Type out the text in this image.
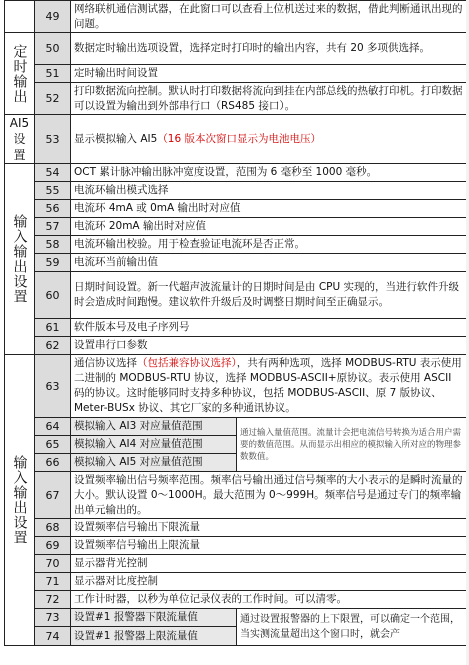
	49	网络联机通信测试器，在此窗口可以查看上位机送过来的数据，借此判断通讯出现的问题。	
定时输出	50	数据定时输出选项设置，选择定时打印时的输出内容，共有 20 多项供选择。	
	51	定时输出时间设置	
	52	打印数据流向控制。默认时打印数据将流向到挂在内部总线的热敏打印机。打印数据可以设置为输出到外部串行口（RS485 接口）。	
AI5 设置	53	显示模拟输入 AI5（16 版本次窗口显示为电池电压）	
输入输出设置	54	OCT 累计脉冲输出脉冲宽度设置，范围为 6 毫秒至 1000 毫秒。	
	55	电流环输出模式选择	
	56	电流环 4mA 或 0mA 输出时对应值	
	57	电流环 20mA 输出时对应值	
	58	电流环输出校验。用于检查验证电流环是否正常。	
	59	电流环当前输出值	
	60	日期时间设置。新一代超声波流量计的日期时间是由 CPU 实现的，当进行软件升级时会造成时间跑慢。建议软件升级后及时调整日期时间至正确显示。	
	61	软件版本号及电子序列号	
	62	设置串行口参数	
输入输出设置	63	通信协议选择（包括兼容协议选择），共有两种选项，选择 MODBUS-RTU 表示使用二进制的 MODBUS-RTU 协议，选择 MODBUS-ASCII+原协议。表示使用 ASCII 码的协议。这时能够同时支持多种协议，包括 MODBUS-ASCII、原 7 版协议、Meter-BUSx 协议、其它厂家的多种通讯协议。	
	64	模拟输入 AI3 对应量值范围	通过输入量值范围。流量计会把电流信号转换为适合用户需要的数值范围。从而显示出相应的模拟输入所对应的物理参数数值。
	65	模拟输入 AI4 对应量值范围	
	66	模拟输入 AI5 对应量值范围	
	67	设置频率输出信号频率范围。频率信号输出通过信号频率的大小表示的是瞬时流量的大小。默认设置 0～1000H。最大范围为 0～999H。频率信号是通过专门的频率输出单元输出的。	
	68	设置频率信号输出下限流量	
	69	设置频率信号输出上限流量	
	70	显示器背光控制	
	71	显示器对比度控制	
	72	工作计时器，以秒为单位记录仪表的工作时间。可以清零。	
	73	设置#1 报警器下限流量值	通过设置报警器的上下限置，可以确定一个范围，当实测流量超出这个窗口时，就会产
	74	设置#1 报警器上限流量值	
